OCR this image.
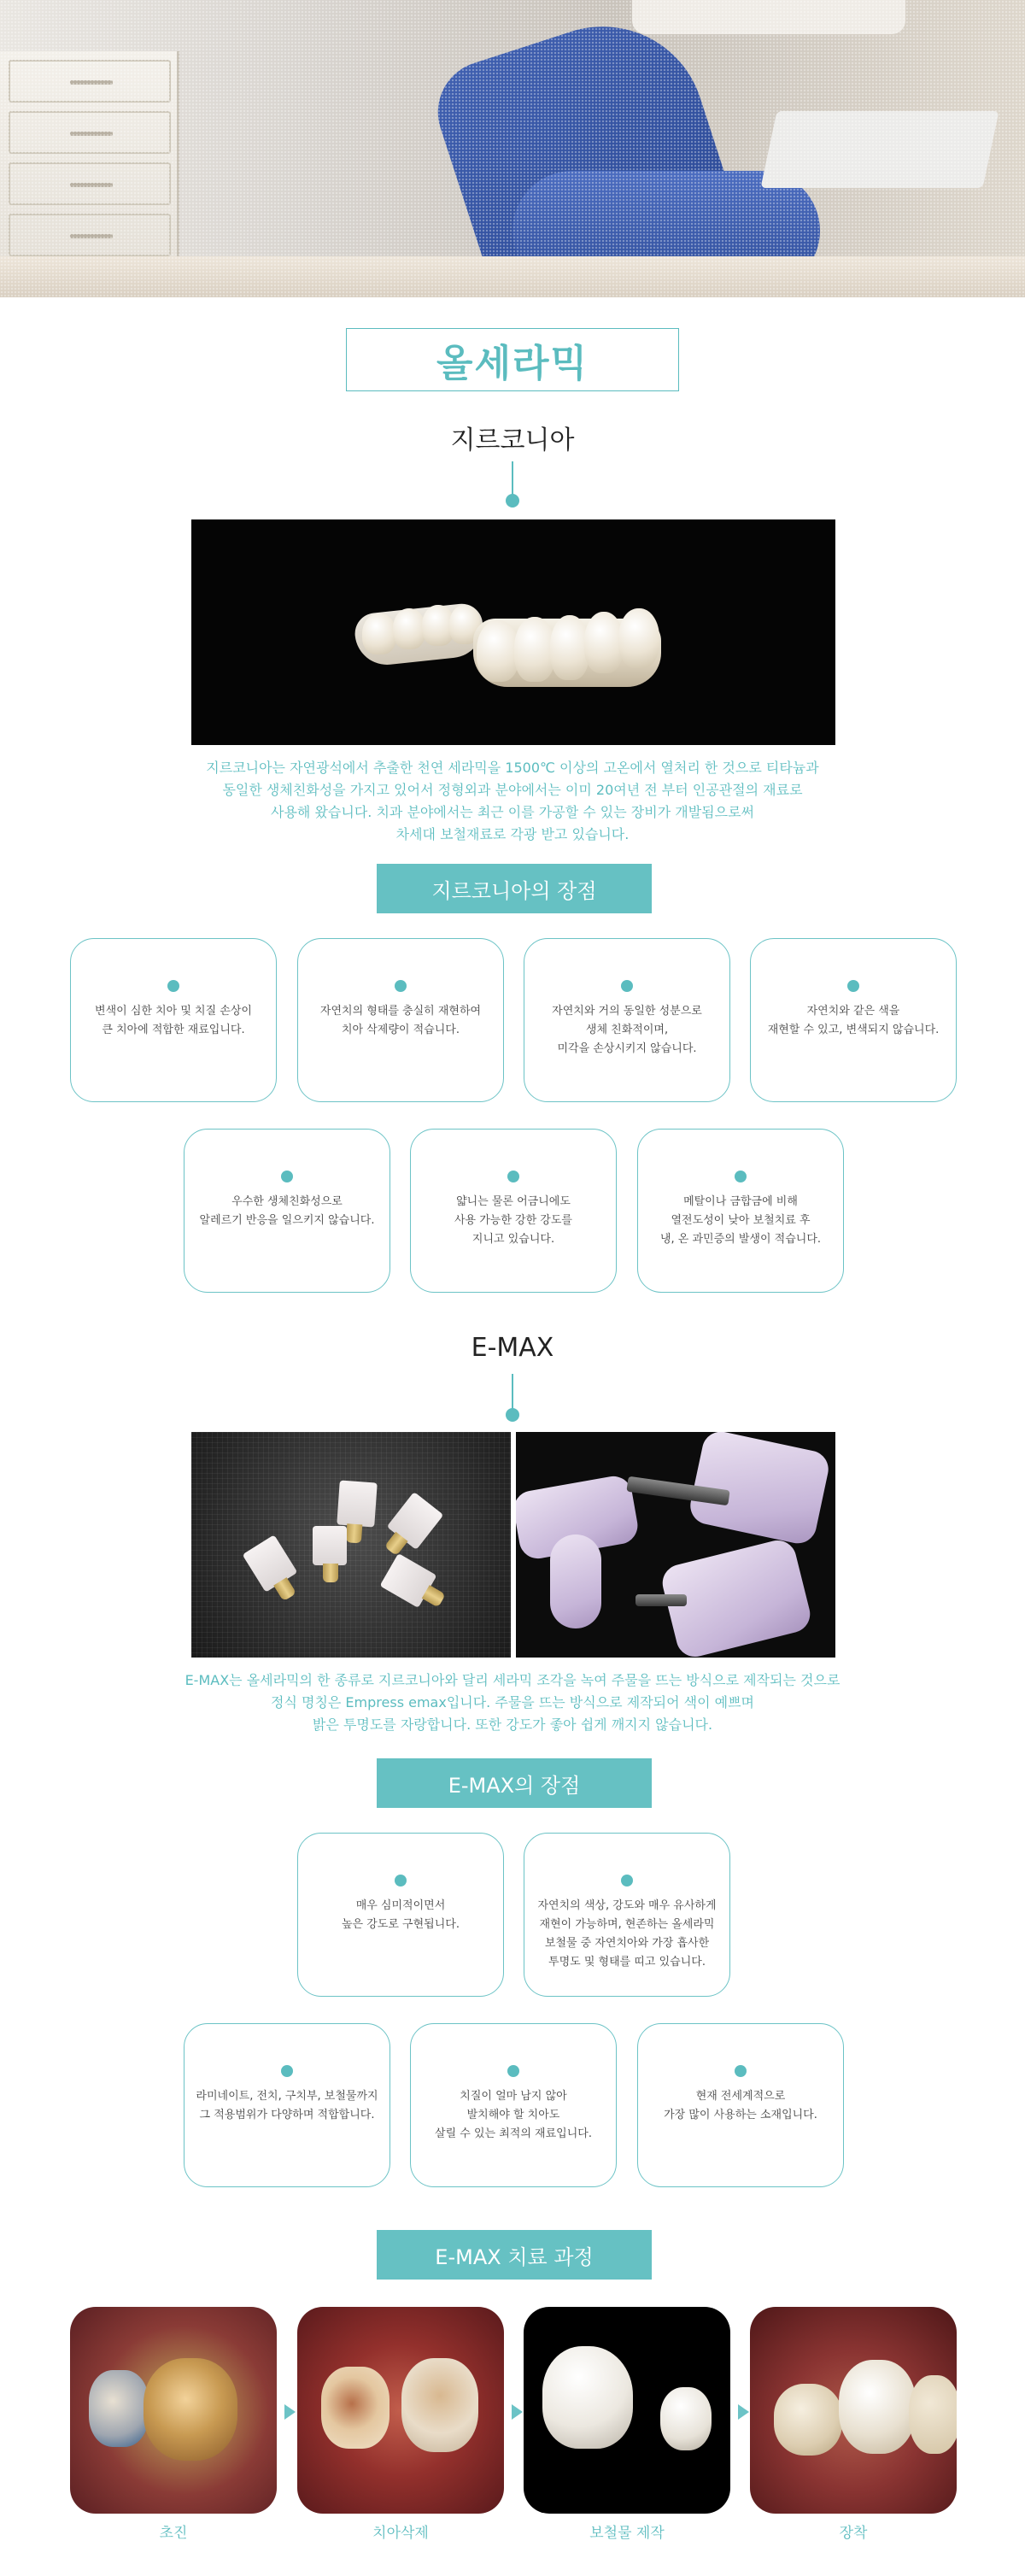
올세라믹
지르코니아
지르코니아는 자연광석에서 추출한 천연 세라믹을 1500℃ 이상의 고온에서 열처리 한 것으로 티타늄과
동일한 생체친화성을 가지고 있어서 정형외과 분야에서는 이미 20여년 전 부터 인공관절의 재료로
사용해 왔습니다. 치과 분야에서는 최근 이를 가공할 수 있는 장비가 개발됨으로써
차세대 보철재료로 각광 받고 있습니다.
지르코니아의 장점
변색이 심한 치아 및 치질 손상이
큰 치아에 적합한 재료입니다.
자연치의 형태를 충실히 재현하여
치아 삭제량이 적습니다.
자연치와 거의 동일한 성분으로
생체 친화적이며,
미각을 손상시키지 않습니다.
자연치와 같은 색을
재현할 수 있고, 변색되지 않습니다.
우수한 생체친화성으로
알레르기 반응을 일으키지 않습니다.
얇니는 물론 어금니에도
사용 가능한 강한 강도를
지니고 있습니다.
메탈이나 금합금에 비해
열전도성이 낮아 보철치료 후
냉, 온 과민증의 발생이 적습니다.
E-MAX
E-MAX는 올세라믹의 한 종류로 지르코니아와 달리 세라믹 조각을 녹여 주물을 뜨는 방식으로 제작되는 것으로
정식 명칭은 Empress emax입니다. 주물을 뜨는 방식으로 제작되어 색이 예쁘며
밝은 투명도를 자랑합니다. 또한 강도가 좋아 쉽게 깨지지 않습니다.
E-MAX의 장점
매우 심미적이면서
높은 강도로 구현됩니다.
자연치의 색상, 강도와 매우 유사하게
재현이 가능하며, 현존하는 올세라믹
보철물 중 자연치아와 가장 흡사한
투명도 및 형태를 띠고 있습니다.
라미네이트, 전치, 구치부, 보철물까지
그 적용범위가 다양하며 적합합니다.
치질이 얼마 남지 않아
발치해야 할 치아도
살릴 수 있는 최적의 재료입니다.
현재 전세계적으로
가장 많이 사용하는 소재입니다.
E-MAX 치료 과정
초진	치아삭제	보철물 제작	장착
